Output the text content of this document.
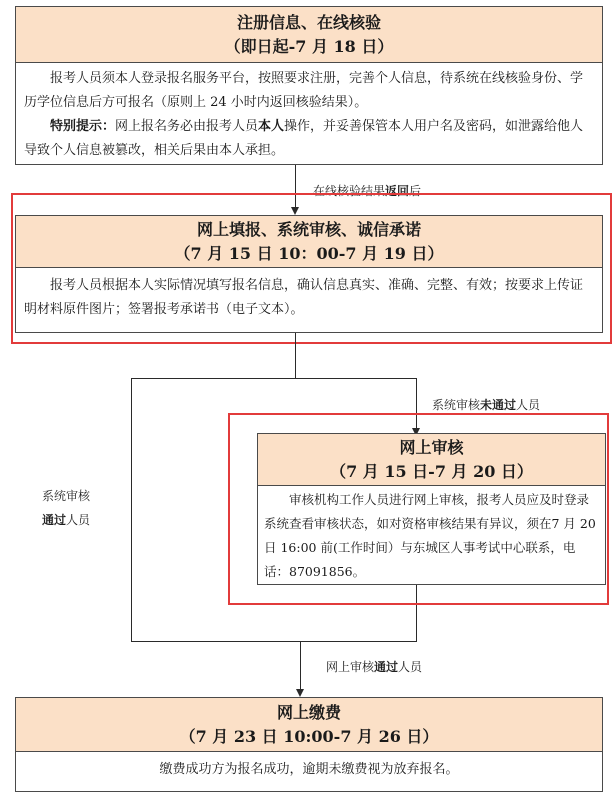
注册信息、在线核验
（即日起-7 月 18 日）

报考人员须本人登录报名服务平台，按照要求注册，完善个人信息，待系统在线核验身份、学历学位信息后方可报名（原则上 24 小时内返回核验结果）。

特别提示：网上报名务必由报考人员本人操作，并妥善保管本人用户名及密码，如泄露给他人导致个人信息被篡改，相关后果由本人承担。

在线核验结果返回后
网上填报、系统审核、诚信承诺
（7 月 15 日 10：00-7 月 19 日）

报考人员根据本人实际情况填写报名信息，确认信息真实、准确、完整、有效；按要求上传证明材料原件图片；签署报考承诺书（电子文本）。

系统审核未通过人员
系统审核
通过人员
网上审核
（7 月 15 日-7 月 20 日）

审核机构工作人员进行网上审核，报考人员应及时登录系统查看审核状态，如对资格审核结果有异议，须在7 月 20 日 16:00 前(工作时间）与东城区人事考试中心联系，电话：87091856。

网上审核通过人员
网上缴费
（7 月 23 日 10:00-7 月 26 日）

缴费成功方为报名成功，逾期未缴费视为放弃报名。
